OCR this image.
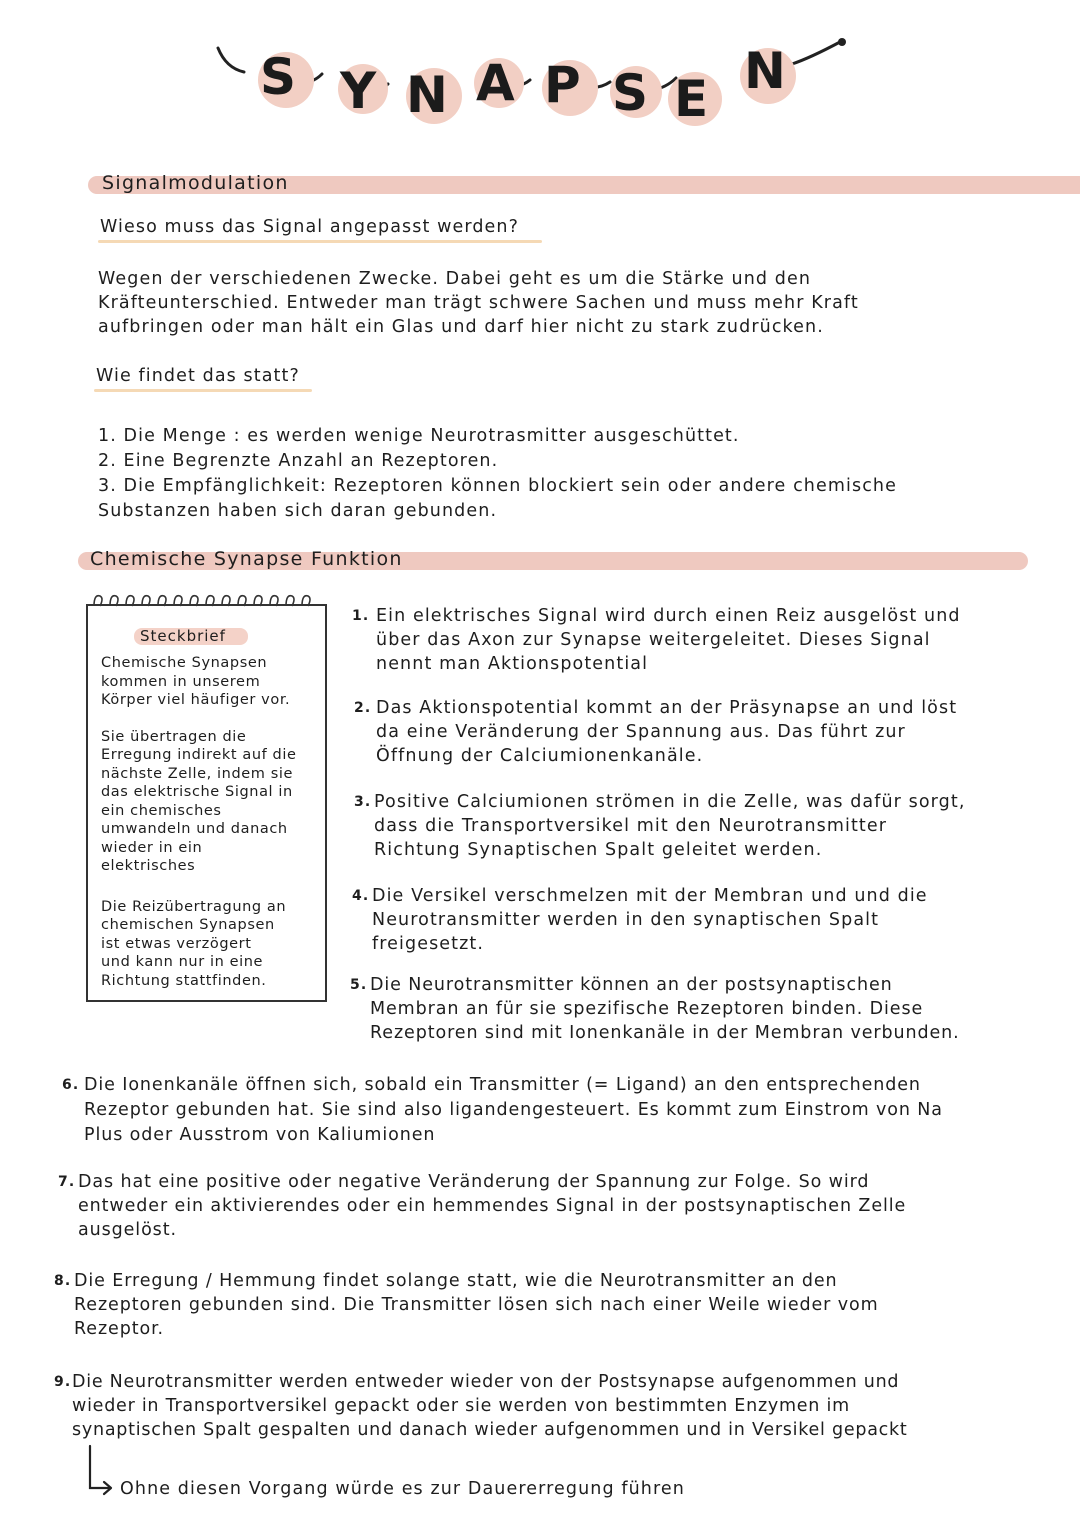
S Y N A P S E N
Signalmodulation
Wieso muss das Signal angepasst werden?
Wegen der verschiedenen Zwecke. Dabei geht es um die Stärke und den
Kräfteunterschied. Entweder man trägt schwere Sachen und muss mehr Kraft
aufbringen oder man hält ein Glas und darf hier nicht zu stark zudrücken.
Wie findet das statt?
1. Die Menge : es werden wenige Neurotrasmitter ausgeschüttet.
2. Eine Begrenzte Anzahl an Rezeptoren.
3. Die Empfänglichkeit: Rezeptoren können blockiert sein oder andere chemische
Substanzen haben sich daran gebunden.
Chemische Synapse Funktion
Steckbrief
Chemische Synapsen
kommen in unserem
Körper viel häufiger vor.
Sie übertragen die
Erregung indirekt auf die
nächste Zelle, indem sie
das elektrische Signal in
ein chemisches
umwandeln und danach
wieder in ein
elektrisches
Die Reizübertragung an
chemischen Synapsen
ist etwas verzögert
und kann nur in eine
Richtung stattfinden.
1. Ein elektrisches Signal wird durch einen Reiz ausgelöst und
über das Axon zur Synapse weitergeleitet. Dieses Signal
nennt man Aktionspotential
2. Das Aktionspotential kommt an der Präsynapse an und löst
da eine Veränderung der Spannung aus. Das führt zur
Öffnung der Calciumionenkanäle.
3. Positive Calciumionen strömen in die Zelle, was dafür sorgt,
dass die Transportversikel mit den Neurotransmitter
Richtung Synaptischen Spalt geleitet werden.
4. Die Versikel verschmelzen mit der Membran und und die
Neurotransmitter werden in den synaptischen Spalt
freigesetzt.
5. Die Neurotransmitter können an der postsynaptischen
Membran an für sie spezifische Rezeptoren binden. Diese
Rezeptoren sind mit Ionenkanäle in der Membran verbunden.
6. Die Ionenkanäle öffnen sich, sobald ein Transmitter (= Ligand) an den entsprechenden
Rezeptor gebunden hat. Sie sind also ligandengesteuert. Es kommt zum Einstrom von Na
Plus oder Ausstrom von Kaliumionen
7. Das hat eine positive oder negative Veränderung der Spannung zur Folge. So wird
entweder ein aktivierendes oder ein hemmendes Signal in der postsynaptischen Zelle
ausgelöst.
8. Die Erregung / Hemmung findet solange statt, wie die Neurotransmitter an den
Rezeptoren gebunden sind. Die Transmitter lösen sich nach einer Weile wieder vom
Rezeptor.
9. Die Neurotransmitter werden entweder wieder von der Postsynapse aufgenommen und
wieder in Transportversikel gepackt oder sie werden von bestimmten Enzymen im
synaptischen Spalt gespalten und danach wieder aufgenommen und in Versikel gepackt
Ohne diesen Vorgang würde es zur Dauererregung führen
